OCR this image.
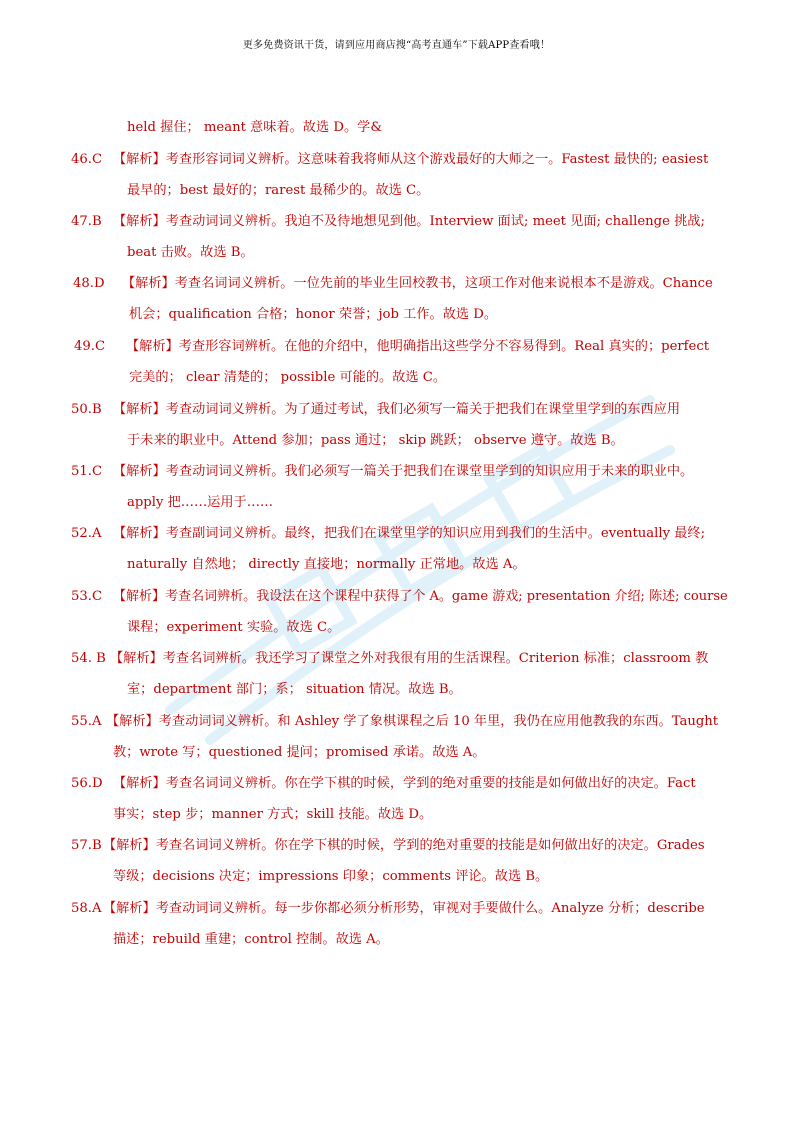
更多免费资讯干货，请到应用商店搜“高考直通车”下载APP查看哦！
held 握住； meant 意味着。故选 D。学&
46.C 【解析】考查形容词词义辨析。这意味着我将师从这个游戏最好的大师之一。Fastest 最快的; easiest
最早的；best 最好的；rarest 最稀少的。故选 C。
47.B 【解析】考查动词词义辨析。我迫不及待地想见到他。Interview 面试; meet 见面; challenge 挑战;
beat 击败。故选 B。
48.D 【解析】考查名词词义辨析。一位先前的毕业生回校教书，这项工作对他来说根本不是游戏。Chance
机会；qualification 合格；honor 荣誉；job 工作。故选 D。
49.C 【解析】考查形容词辨析。在他的介绍中，他明确指出这些学分不容易得到。Real 真实的；perfect
完美的； clear 清楚的； possible 可能的。故选 C。
50.B 【解析】考查动词词义辨析。为了通过考试，我们必须写一篇关于把我们在课堂里学到的东西应用
于未来的职业中。Attend 参加；pass 通过； skip 跳跃； observe 遵守。故选 B。
51.C 【解析】考查动词词义辨析。我们必须写一篇关于把我们在课堂里学到的知识应用于未来的职业中。
apply 把……运用于……
52.A 【解析】考查副词词义辨析。最终，把我们在课堂里学的知识应用到我们的生活中。eventually 最终;
naturally 自然地； directly 直接地；normally 正常地。故选 A。
53.C 【解析】考查名词辨析。我设法在这个课程中获得了个 A。game 游戏; presentation 介绍; 陈述; course
课程；experiment 实验。故选 C。
54. B 【解析】考查名词辨析。我还学习了课堂之外对我很有用的生活课程。Criterion 标准；classroom 教
室；department 部门；系； situation 情况。故选 B。
55.A 【解析】考查动词词义辨析。和 Ashley 学了象棋课程之后 10 年里，我仍在应用他教我的东西。Taught
教；wrote 写；questioned 提问；promised 承诺。故选 A。
56.D 【解析】考查名词词义辨析。你在学下棋的时候，学到的绝对重要的技能是如何做出好的决定。Fact
事实；step 步；manner 方式；skill 技能。故选 D。
57.B 【解析】考查名词词义辨析。你在学下棋的时候，学到的绝对重要的技能是如何做出好的决定。Grades
等级；decisions 决定；impressions 印象；comments 评论。故选 B。
58.A 【解析】考查动词词义辨析。每一步你都必须分析形势，审视对手要做什么。Analyze 分析；describe
描述；rebuild 重建；control 控制。故选 A。
